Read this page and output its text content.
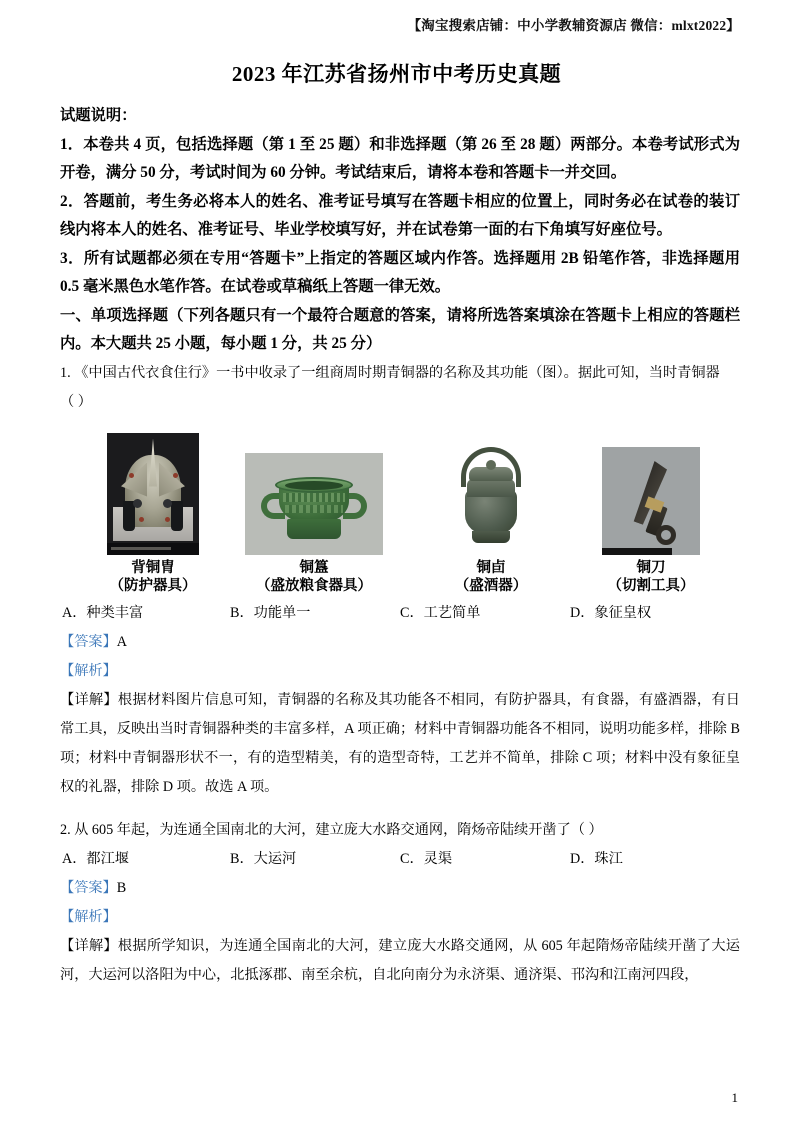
【淘宝搜索店铺：中小学教辅资源店 微信：mlxt2022】
2023 年江苏省扬州市中考历史真题
试题说明：

1．本卷共 4 页，包括选择题（第 1 至 25 题）和非选择题（第 26 至 28 题）两部分。本卷考试形式为开卷，满分 50 分，考试时间为 60 分钟。考试结束后，请将本卷和答题卡一并交回。

2．答题前，考生务必将本人的姓名、准考证号填写在答题卡相应的位置上，同时务必在试卷的装订线内将本人的姓名、准考证号、毕业学校填写好，并在试卷第一面的右下角填写好座位号。

3．所有试题都必须在专用“答题卡”上指定的答题区域内作答。选择题用 2B 铅笔作答，非选择题用 0.5 毫米黑色水笔作答。在试卷或草稿纸上答题一律无效。

一、单项选择题（下列各题只有一个最符合题意的答案，请将所选答案填涂在答题卡上相应的答题栏内。本大题共 25 小题，每小题 1 分，共 25 分）

1. 《中国古代衣食住行》一书中收录了一组商周时期青铜器的名称及其功能（图）。据此可知，当时青铜器

（ ）

背铜胄
（防护器具）
铜簋
（盛放粮食器具）
铜卣
（盛酒器）
铜刀
（切割工具）
A．种类丰富	B．功能单一	C．工艺简单	D．象征皇权

【答案】A

【解析】

【详解】根据材料图片信息可知，青铜器的名称及其功能各不相同，有防护器具，有食器，有盛酒器，有日常工具，反映出当时青铜器种类的丰富多样，A 项正确；材料中青铜器功能各不相同，说明功能多样，排除 B 项；材料中青铜器形状不一，有的造型精美，有的造型奇特，工艺并不简单，排除 C 项；材料中没有象征皇权的礼器，排除 D 项。故选 A 项。

2. 从 605 年起，为连通全国南北的大河，建立庞大水路交通网，隋炀帝陆续开凿了（ ）

A．都江堰	B．大运河	C．灵渠	D．珠江

【答案】B

【解析】

【详解】根据所学知识，为连通全国南北的大河，建立庞大水路交通网，从 605 年起隋炀帝陆续开凿了大运河，大运河以洛阳为中心，北抵涿郡、南至余杭，自北向南分为永济渠、通济渠、邗沟和江南河四段，

1
